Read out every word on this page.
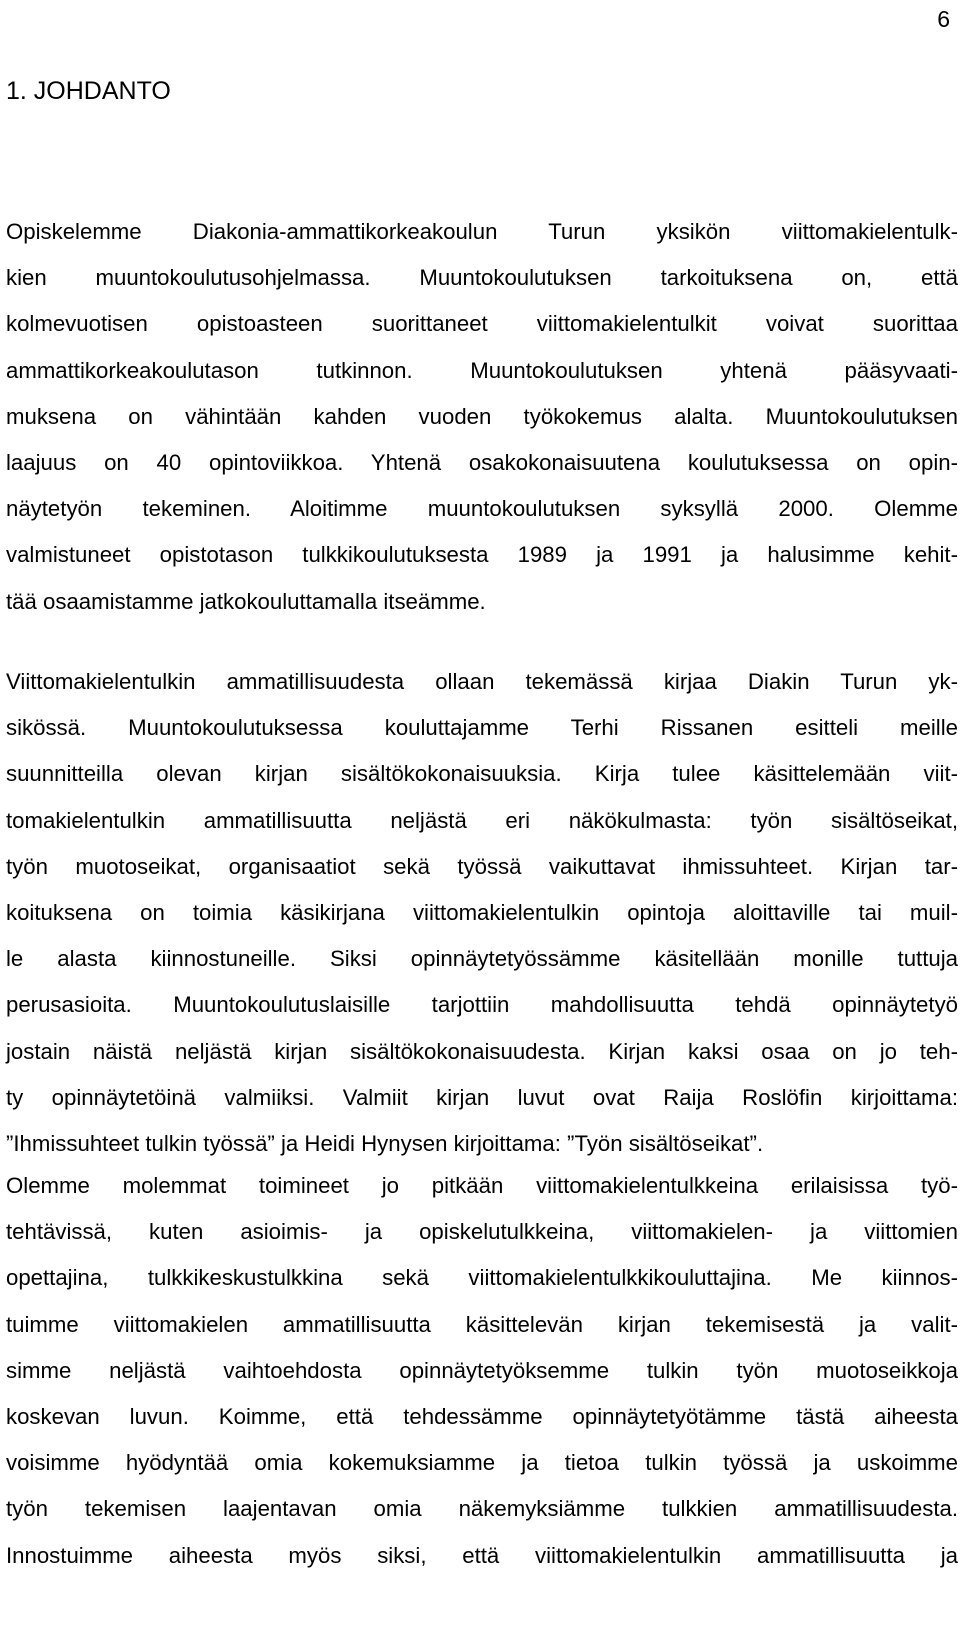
6
1. JOHDANTO
Opiskelemme Diakonia-ammattikorkeakoulun Turun yksikön viittomakielentulk-
kien muuntokoulutusohjelmassa. Muuntokoulutuksen tarkoituksena on, että
kolmevuotisen opistoasteen suorittaneet viittomakielentulkit voivat suorittaa
ammattikorkeakoulutason tutkinnon. Muuntokoulutuksen yhtenä pääsyvaati-
muksena on vähintään kahden vuoden työkokemus alalta. Muuntokoulutuksen
laajuus on 40 opintoviikkoa. Yhtenä osakokonaisuutena koulutuksessa on opin-
näytetyön tekeminen. Aloitimme muuntokoulutuksen syksyllä 2000. Olemme
valmistuneet opistotason tulkkikoulutuksesta 1989 ja 1991 ja halusimme kehit-
tää osaamistamme jatkokouluttamalla itseämme.
Viittomakielentulkin ammatillisuudesta ollaan tekemässä kirjaa Diakin Turun yk-
sikössä. Muuntokoulutuksessa kouluttajamme Terhi Rissanen esitteli meille
suunnitteilla olevan kirjan sisältökokonaisuuksia. Kirja tulee käsittelemään viit-
tomakielentulkin ammatillisuutta neljästä eri näkökulmasta: työn sisältöseikat,
työn muotoseikat, organisaatiot sekä työssä vaikuttavat ihmissuhteet. Kirjan tar-
koituksena on toimia käsikirjana viittomakielentulkin opintoja aloittaville tai muil-
le alasta kiinnostuneille. Siksi opinnäytetyössämme käsitellään monille tuttuja
perusasioita. Muuntokoulutuslaisille tarjottiin mahdollisuutta tehdä opinnäytetyö
jostain näistä neljästä kirjan sisältökokonaisuudesta. Kirjan kaksi osaa on jo teh-
ty opinnäytetöinä valmiiksi. Valmiit kirjan luvut ovat Raija Roslöfin kirjoittama:
”Ihmissuhteet tulkin työssä” ja Heidi Hynysen kirjoittama: ”Työn sisältöseikat”.
Olemme molemmat toimineet jo pitkään viittomakielentulkkeina erilaisissa työ-
tehtävissä, kuten asioimis- ja opiskelutulkkeina, viittomakielen- ja viittomien
opettajina, tulkkikeskustulkkina sekä viittomakielentulkkikouluttajina. Me kiinnos-
tuimme viittomakielen ammatillisuutta käsittelevän kirjan tekemisestä ja valit-
simme neljästä vaihtoehdosta opinnäytetyöksemme tulkin työn muotoseikkoja
koskevan luvun. Koimme, että tehdessämme opinnäytetyötämme tästä aiheesta
voisimme hyödyntää omia kokemuksiamme ja tietoa tulkin työssä ja uskoimme
työn tekemisen laajentavan omia näkemyksiämme tulkkien ammatillisuudesta.
Innostuimme aiheesta myös siksi, että viittomakielentulkin ammatillisuutta ja
